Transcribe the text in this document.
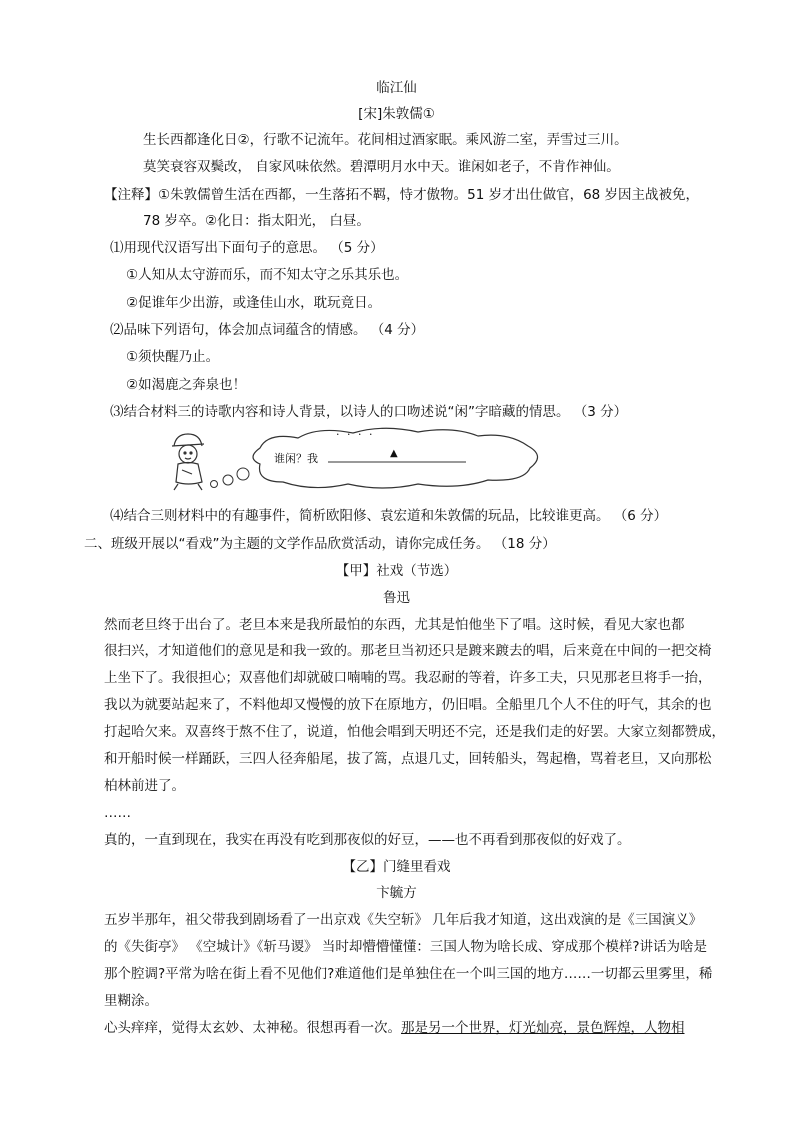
临江仙
[宋]朱敦儒①
生长西都逢化日②，行歌不记流年。花间相过酒家眠。乘风游二室，弄雪过三川。
莫笑衰容双鬓改， 自家风味依然。碧潭明月水中天。谁闲如老子，不肯作神仙。
【注释】①朱敦儒曾生活在西都，一生落拓不羁，恃才傲物。51 岁才出仕做官，68 岁因主战被免，
78 岁卒。②化日：指太阳光， 白昼。
⑴用现代汉语写出下面句子的意思。 （5 分）
①人知从太守游而乐，而不知太守之乐其乐也。
②促谁年少出游，或逢佳山水，耽玩竟日。
⑵品味下列语句，体会加点词蕴含的情感。 （4 分）
①须快醒乃止。
②如渴鹿之奔泉也！
⑶结合材料三的诗歌内容和诗人背景，以诗人的口吻述说“闲”字暗藏的情思。 （3 分）
· · · ·
谁闲？我	▲
⑷结合三则材料中的有趣事件，简析欧阳修、袁宏道和朱敦儒的玩品，比较谁更高。 （6 分）
二、班级开展以“看戏”为主题的文学作品欣赏活动，请你完成任务。 （18 分）
【甲】社戏（节选）
鲁迅
然而老旦终于出台了。老旦本来是我所最怕的东西，尤其是怕他坐下了唱。这时候，看见大家也都
很扫兴，才知道他们的意见是和我一致的。那老旦当初还只是踱来踱去的唱，后来竟在中间的一把交椅
上坐下了。我很担心；双喜他们却就破口喃喃的骂。我忍耐的等着，许多工夫，只见那老旦将手一抬，
我以为就要站起来了，不料他却又慢慢的放下在原地方，仍旧唱。全船里几个人不住的吁气，其余的也
打起哈欠来。双喜终于熬不住了，说道，怕他会唱到天明还不完，还是我们走的好罢。大家立刻都赞成，
和开船时候一样踊跃，三四人径奔船尾，拔了篙，点退几丈，回转船头，驾起橹，骂着老旦，又向那松
柏林前进了。
……
真的，一直到现在，我实在再没有吃到那夜似的好豆，——也不再看到那夜似的好戏了。
【乙】门缝里看戏
卞毓方
五岁半那年，祖父带我到剧场看了一出京戏《失空斩》 几年后我才知道，这出戏演的是《三国演义》
的《失街亭》 《空城计》《斩马谡》 当时却懵懵懂懂：三国人物为啥长成、穿成那个模样?讲话为啥是
那个腔调?平常为啥在街上看不见他们?难道他们是单独住在一个叫三国的地方……一切都云里雾里，稀
里糊涂。
心头痒痒，觉得太玄妙、太神秘。很想再看一次。那是另一个世界，灯光灿亮，景色辉煌，人物相
